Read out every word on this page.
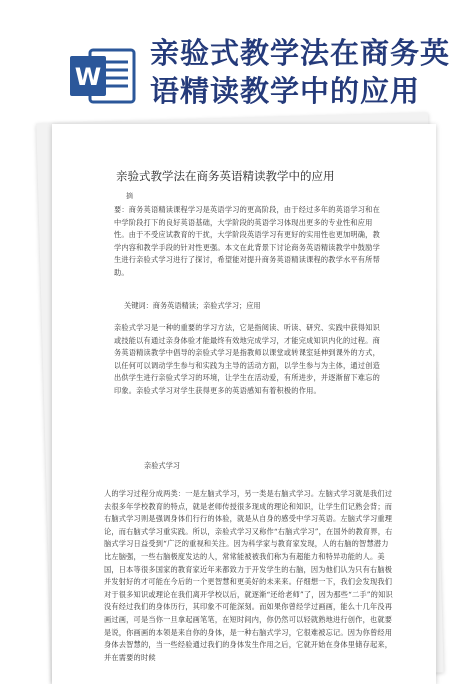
W
亲验式教学法在商务英语精读教学中的应用
亲验式教学法在商务英语精读教学中的应用
摘
要：商务英语精读课程学习是英语学习的更高阶段，由于经过多年的英语学习和在中学阶段打下的良好英语基础，大学阶段的英语学习体现出更多的专业性和应用性。由于不受应试教育的干扰，大学阶段英语学习有更好的实用性也更加明确，教学内容和教学手段的针对性更强。本文在此背景下讨论商务英语精读教学中鼓励学生进行亲验式学习进行了探讨，希望能对提升商务英语精读课程的教学水平有所帮助。
关键词：商务英语精读；亲验式学习；应用
亲验式学习是一种的重要的学习方法，它是指阅读、听读、研究、实践中获得知识或技能以有通过亲身体验才能最终有效地完成学习，才能完成知识内化的过程。商务英语精读教学中倡导的亲验式学习是指教师以课堂或转课室延伸到课外的方式，以任何可以调动学生参与和实践为主导的活动方面，以学生参与为主体，通过创造出供学生进行亲验式学习的环境，让学生在活动爱，有所进步，并逐渐留下难忘的印象。亲验式学习对学生获得更多的英语感知有着积极的作用。
亲验式学习
人的学习过程分成两类：一是左脑式学习，另一类是右脑式学习。左脑式学习就是我们过去很多年学校教育的特点，就是老师传授很多现成的理论和知识，让学生们记熟会背；而右脑式学习则是强调身体们行行的体验，就是从自身的感受中学习英语。左脑式学习重理论，而右脑式学习重实践。所以，亲验式学习又称作“右脑式学习”，在国外的教育界，右脑式学习日益受到“广泛的重视和关注。因为科学家与教育家发现，人的右脑的智慧潜力比左脑强，一些右脑极度发达的人，常常能被被我们称为有超能力和特异功能的人。美国，日本等很多国家的教育家近年来都致力于开发学生的右脑，因为他们认为只有右脑极并发射好的才可能在今后的一个更智慧和更美好的未来来。仔细想一下，我们会发现我们对于很多知识或理论在我们离开学校以后，就逐渐“还给老师”了，因为那些“二手”的知识没有经过我们的身体历行，其印象不可能深刻。而如果你曾经学过画画，能么十几年没再画过画，可是当你一旦拿起画笔笔，在短时间内，你仍然可以轻就熟地进行创作，也就要是说，你画画的本领是来自你的身体，是一种右脑式学习，它很难被忘记。因为你曾经用身体去智慧的，当一些经验通过我们的身体发生作用之后，它就开始在身体里储存起来，并在需要的时候
